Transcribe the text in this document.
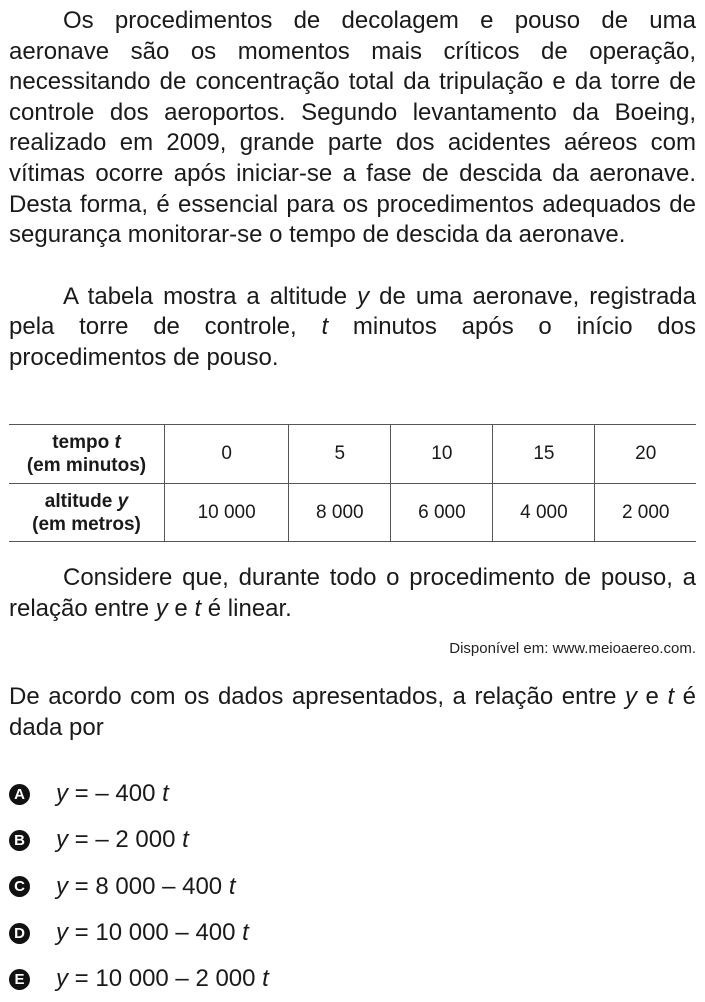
Os procedimentos de decolagem e pouso de uma aeronave são os momentos mais críticos de operação, necessitando de concentração total da tripulação e da torre de controle dos aeroportos. Segundo levantamento da Boeing, realizado em 2009, grande parte dos acidentes aéreos com vítimas ocorre após iniciar-se a fase de descida da aeronave. Desta forma, é essencial para os procedimentos adequados de segurança monitorar-se o tempo de descida da aeronave.

A tabela mostra a altitude y de uma aeronave, registrada pela torre de controle, t minutos após o início dos procedimentos de pouso.

tempo t
(em minutos)	0	5	10	15	20
altitude y
(em metros)	10 000	8 000	6 000	4 000	2 000

Considere que, durante todo o procedimento de pouso, a relação entre y e t é linear.

Disponível em: www.meioaereo.com.

De acordo com os dados apresentados, a relação entre y e t é dada por

A y = – 400 t
B y = – 2 000 t
C y = 8 000 – 400 t
D y = 10 000 – 400 t
E y = 10 000 – 2 000 t
